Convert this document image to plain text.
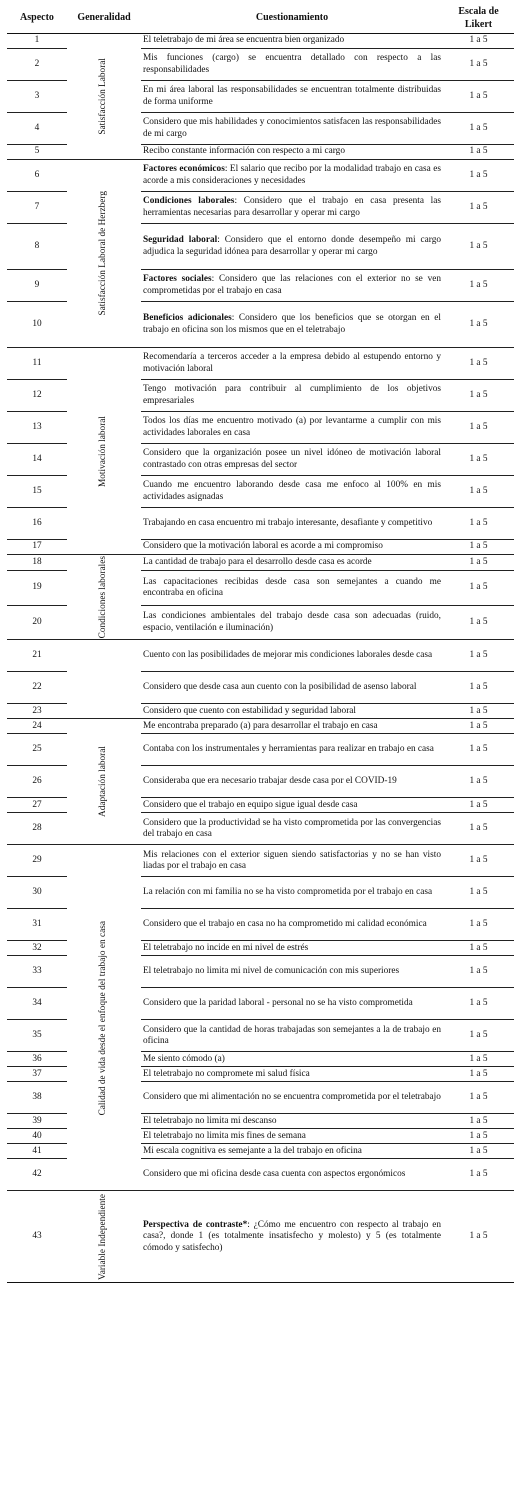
Aspecto	Generalidad	Cuestionamiento	Escala de Likert
1	Satisfacción Laboral	El teletrabajo de mi área se encuentra bien organizado	1 a 5
2		Mis funciones (cargo) se encuentra detallado con respecto a las responsabilidades	1 a 5
3		En mi área laboral las responsabilidades se encuentran totalmente distribuidas de forma uniforme	1 a 5
4		Considero que mis habilidades y conocimientos satisfacen las responsabilidades de mi cargo	1 a 5
5		Recibo constante información con respecto a mi cargo	1 a 5
6	Satisfacción Laboral de Herzberg	Factores económicos: El salario que recibo por la modalidad trabajo en casa es acorde a mis consideraciones y necesidades	1 a 5
7		Condiciones laborales: Considero que el trabajo en casa presenta las herramientas necesarias para desarrollar y operar mi cargo	1 a 5
8		Seguridad laboral: Considero que el entorno donde desempeño mi cargo adjudica la seguridad idónea para desarrollar y operar mi cargo	1 a 5
9		Factores sociales: Considero que las relaciones con el exterior no se ven comprometidas por el trabajo en casa	1 a 5
10		Beneficios adicionales: Considero que los beneficios que se otorgan en el trabajo en oficina son los mismos que en el teletrabajo	1 a 5
11	Motivación laboral	Recomendaría a terceros acceder a la empresa debido al estupendo entorno y motivación laboral	1 a 5
12		Tengo motivación para contribuir al cumplimiento de los objetivos empresariales	1 a 5
13		Todos los días me encuentro motivado (a) por levantarme a cumplir con mis actividades laborales en casa	1 a 5
14		Considero que la organización posee un nivel idóneo de motivación laboral contrastado con otras empresas del sector	1 a 5
15		Cuando me encuentro laborando desde casa me enfoco al 100% en mis actividades asignadas	1 a 5
16		Trabajando en casa encuentro mi trabajo interesante, desafiante y competitivo	1 a 5
17		Considero que la motivación laboral es acorde a mi compromiso	1 a 5
18	Condiciones laborales	La cantidad de trabajo para el desarrollo desde casa es acorde	1 a 5
19		Las capacitaciones recibidas desde casa son semejantes a cuando me encontraba en oficina	1 a 5
20		Las condiciones ambientales del trabajo desde casa son adecuadas (ruido, espacio, ventilación e iluminación)	1 a 5
21		Cuento con las posibilidades de mejorar mis condiciones laborales desde casa	1 a 5
22		Considero que desde casa aun cuento con la posibilidad de asenso laboral	1 a 5
23		Considero que cuento con estabilidad y seguridad laboral	1 a 5
24	Adaptación laboral	Me encontraba preparado (a) para desarrollar el trabajo en casa	1 a 5
25		Contaba con los instrumentales y herramientas para realizar en trabajo en casa	1 a 5
26		Consideraba que era necesario trabajar desde casa por el COVID-19	1 a 5
27		Considero que el trabajo en equipo sigue igual desde casa	1 a 5
28		Considero que la productividad se ha visto comprometida por las convergencias del trabajo en casa	1 a 5
29	Calidad de vida desde el enfoque del trabajo en casa	Mis relaciones con el exterior siguen siendo satisfactorias y no se han visto liadas por el trabajo en casa	1 a 5
30		La relación con mi familia no se ha visto comprometida por el trabajo en casa	1 a 5
31		Considero que el trabajo en casa no ha comprometido mi calidad económica	1 a 5
32		El teletrabajo no incide en mi nivel de estrés	1 a 5
33		El teletrabajo no limita mi nivel de comunicación con mis superiores	1 a 5
34		Considero que la paridad laboral - personal no se ha visto comprometida	1 a 5
35		Considero que la cantidad de horas trabajadas son semejantes a la de trabajo en oficina	1 a 5
36		Me siento cómodo (a)	1 a 5
37		El teletrabajo no compromete mi salud física	1 a 5
38		Considero que mi alimentación no se encuentra comprometida por el teletrabajo	1 a 5
39		El teletrabajo no limita mi descanso	1 a 5
40		El teletrabajo no limita mis fines de semana	1 a 5
41		Mi escala cognitiva es semejante a la del trabajo en oficina	1 a 5
42		Considero que mi oficina desde casa cuenta con aspectos ergonómicos	1 a 5
43	Variable Independiente	Perspectiva de contraste*: ¿Cómo me encuentro con respecto al trabajo en casa?, donde 1 (es totalmente insatisfecho y molesto) y 5 (es totalmente cómodo y satisfecho)	1 a 5
